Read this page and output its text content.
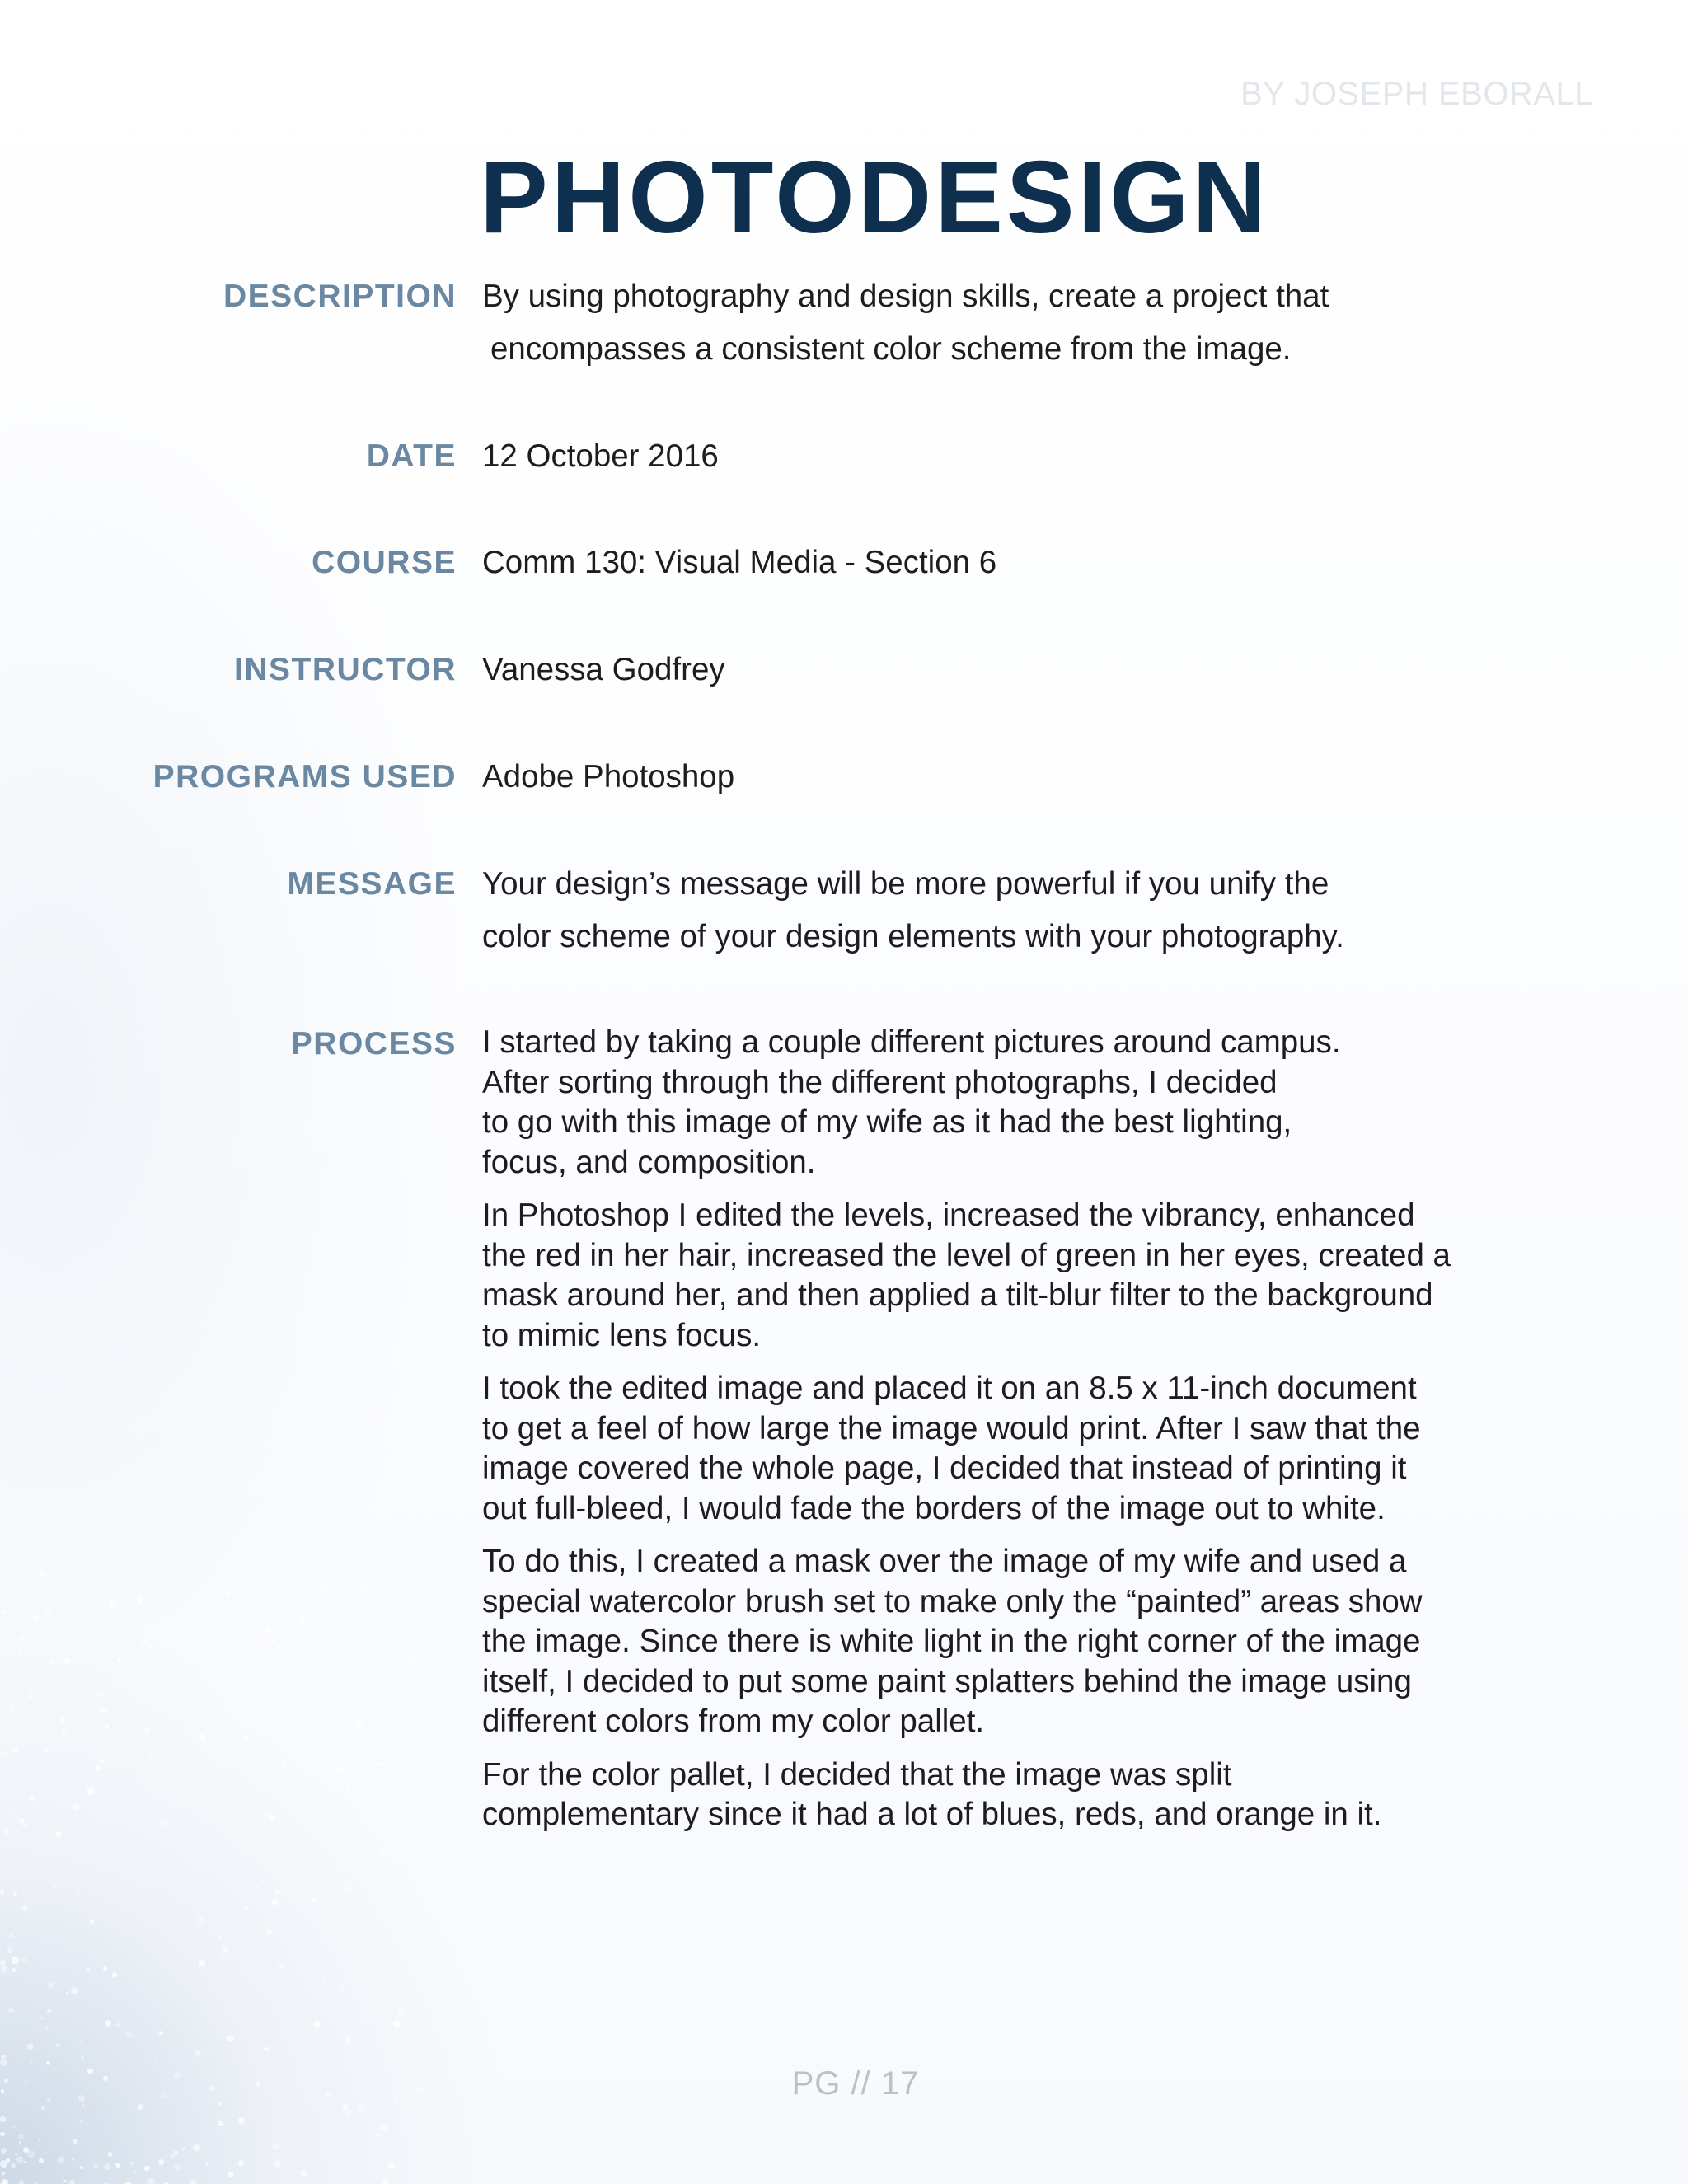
BY JOSEPH EBORALL
PHOTODESIGN
DESCRIPTION By using photography and design skills, create a project that
encompasses a consistent color scheme from the image.
DATE 12 October 2016
COURSE Comm 130: Visual Media - Section 6
INSTRUCTOR Vanessa Godfrey
PROGRAMS USED Adobe Photoshop
MESSAGE Your design’s message will be more powerful if you unify the
color scheme of your design elements with your photography.
PROCESS I started by taking a couple different pictures around campus.
After sorting through the different photographs, I decided
to go with this image of my wife as it had the best lighting,
focus, and composition.

In Photoshop I edited the levels, increased the vibrancy, enhanced
the red in her hair, increased the level of green in her eyes, created a
mask around her, and then applied a tilt-blur filter to the background
to mimic lens focus.

I took the edited image and placed it on an 8.5 x 11-inch document
to get a feel of how large the image would print. After I saw that the
image covered the whole page, I decided that instead of printing it
out full-bleed, I would fade the borders of the image out to white.

To do this, I created a mask over the image of my wife and used a
special watercolor brush set to make only the “painted” areas show
the image. Since there is white light in the right corner of the image
itself, I decided to put some paint splatters behind the image using
different colors from my color pallet.

For the color pallet, I decided that the image was split
complementary since it had a lot of blues, reds, and orange in it.

PG // 17
